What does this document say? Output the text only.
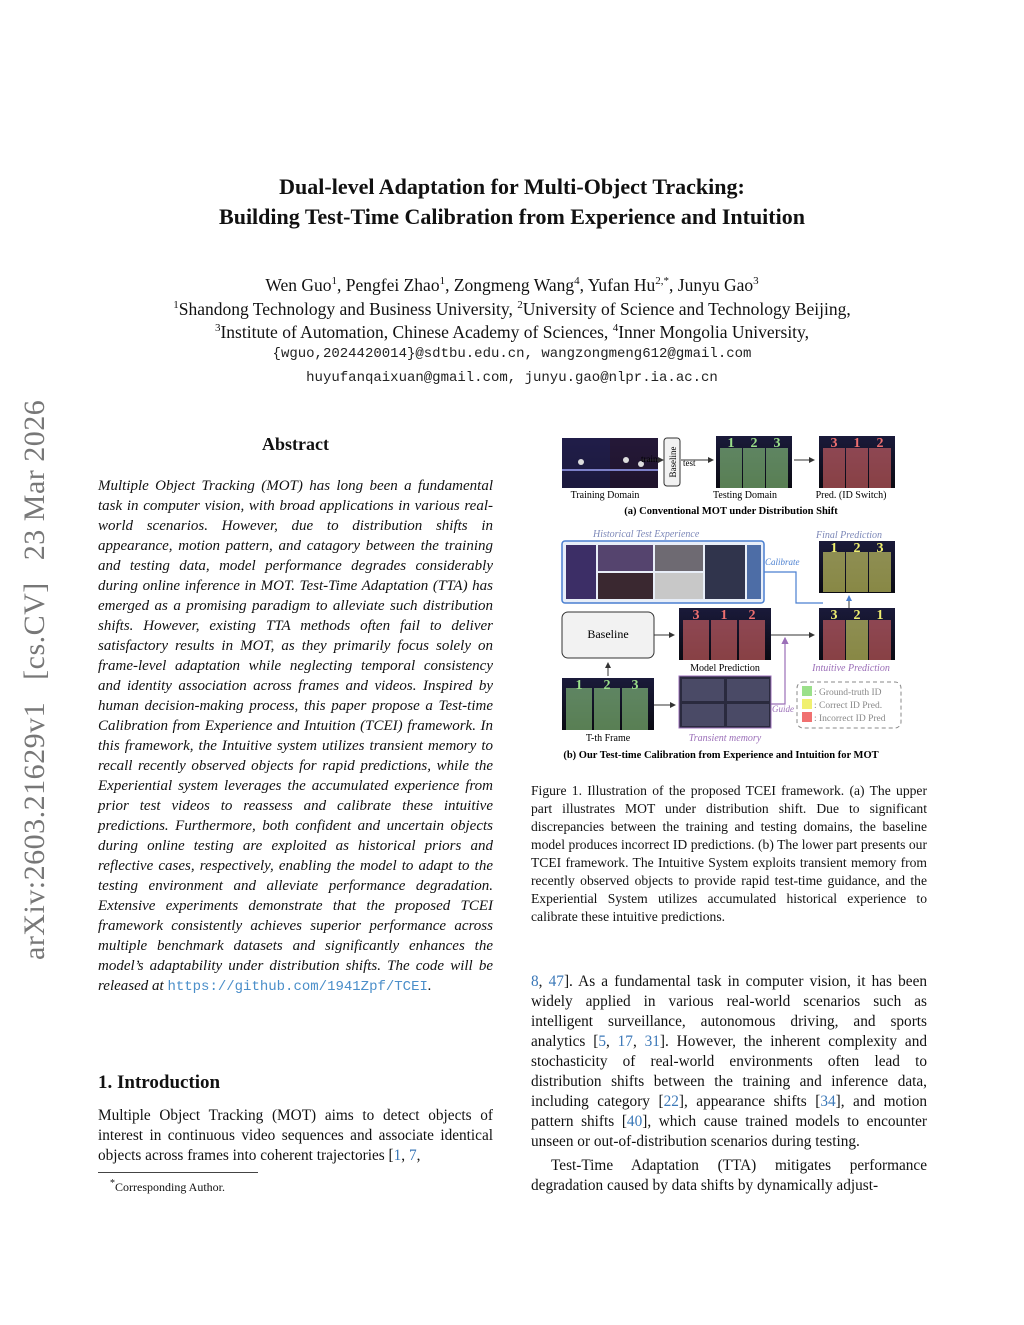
arXiv:2603.21629v1[cs.CV]23 Mar 2026
Dual-level Adaptation for Multi-Object Tracking:
Building Test-Time Calibration from Experience and Intuition
Wen Guo$^1$, Pengfei Zhao$^1$, Zongmeng Wang$^4$, Yufan $Hu^{2,*}$, Junyu Gao$^3$
$^1$Shandong Technology and Business University, $^2$University of Science and Technology Beijing,
$^3$Institute of Automation, Chinese Academy of Sciences, $^4$Inner Mongolia University,
{wguo,2024420014}@sdtbu.edu.cn, wangzongmeng612@gmail.com
huyufanqaixuan@gmail.com, junyu.gao@nlpr.ia.ac.cn
Abstract
Multiple Object Tracking (MOT) has long been a fundamental task in computer vision, with broad applications in various real-world scenarios. However, due to distribution shifts in appearance, motion pattern, and catagory between the training and testing data, model performance degrades considerably during online inference in MOT. Test-Time Adaptation (TTA) has emerged as a promising paradigm to alleviate such distribution shifts. However, existing TTA methods often fail to deliver satisfactory results in MOT, as they primarily focus solely on frame-level adaptation while neglecting temporal consistency and identity association across frames and videos. Inspired by human decision-making process, this paper propose a Test-time Calibration from Experience and Intuition (TCEI) framework. In this framework, the Intuitive system utilizes transient memory to recall recently observed objects for rapid predictions, while the Experiential system leverages the accumulated experience from prior test videos to reassess and calibrate these intuitive predictions. Furthermore, both confident and uncertain objects during online testing are exploited as historical priors and reflective cases, respectively, enabling the model to adapt to the testing environment and alleviate performance degradation. Extensive experiments demonstrate that the proposed TCEI framework consistently achieves superior performance across multiple benchmark datasets and significantly enhances the model’s adaptability under distribution shifts. The code will be released at https://github.com/1941Zpf/TCEI.
1. Introduction
Multiple Object Tracking (MOT) aims to detect objects of interest in continuous video sequences and associate identical objects across frames into coherent trajectories [1, 7,
*Corresponding Author.
Training Domain
train Baseline test
1 2 3
Testing Domain
3 1 2
Pred. (ID Switch)
(a) Conventional MOT under Distribution Shift
Historical Test Experience
Calibrate
Final Prediction
1 2 3
Baseline
3 1 2
Model Prediction
3 2 1
Intuitive Prediction
1 2 3
T-th Frame	Transient memory
Guide
: Ground-truth ID
: Correct ID Pred.
: Incorrect ID Pred
(b) Our Test-time Calibration from Experience and Intuition for MOT
Figure 1. Illustration of the proposed TCEI framework. (a) The upper part illustrates MOT under distribution shift. Due to significant discrepancies between the training and testing domains, the baseline model produces incorrect ID predictions. (b) The lower part presents our TCEI framework. The Intuitive System exploits transient memory from recently observed objects to provide rapid test-time guidance, and the Experiential System utilizes accumulated historical experience to calibrate these intuitive predictions.
8, 47]. As a fundamental task in computer vision, it has been widely applied in various real-world scenarios such as intelligent surveillance, autonomous driving, and sports analytics [5, 17, 31]. However, the inherent complexity and stochasticity of real-world environments often lead to distribution shifts between the training and inference data, including category [22], appearance shifts [34], and motion pattern shifts [40], which cause trained models to encounter unseen or out-of-distribution scenarios during testing.
Test-Time Adaptation (TTA) mitigates performance degradation caused by data shifts by dynamically adjust-
